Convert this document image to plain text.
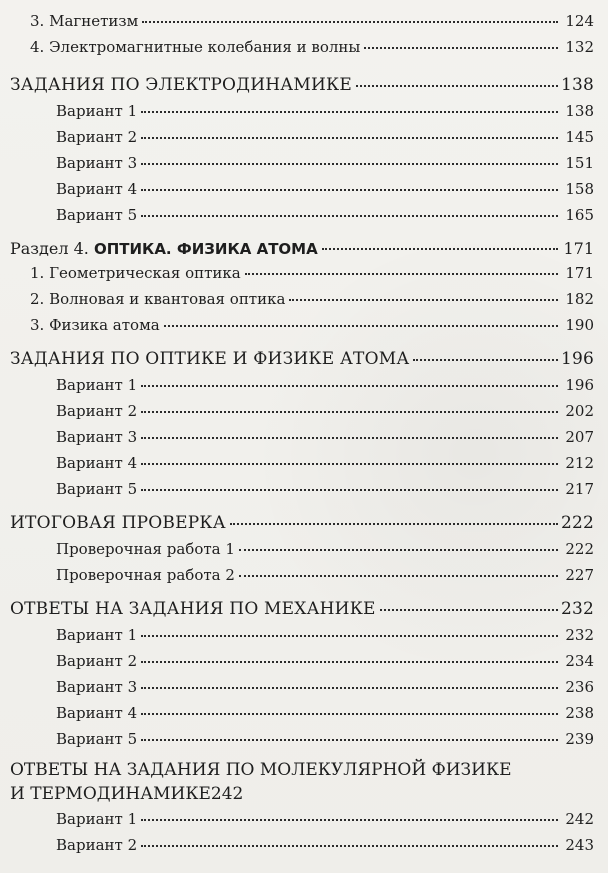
3. Магнетизм	124
4. Электромагнитные колебания и волны	132
ЗАДАНИЯ ПО ЭЛЕКТРОДИНАМИКЕ	138
Вариант 1	138
Вариант 2	145
Вариант 3	151
Вариант 4	158
Вариант 5	165
Раздел 4. ОПТИКА. ФИЗИКА АТОМА	171
1. Геометрическая оптика	171
2. Волновая и квантовая оптика	182
3. Физика атома	190
ЗАДАНИЯ ПО ОПТИКЕ И ФИЗИКЕ АТОМА	196
Вариант 1	196
Вариант 2	202
Вариант 3	207
Вариант 4	212
Вариант 5	217
ИТОГОВАЯ ПРОВЕРКА	222
Проверочная работа 1	222
Проверочная работа 2	227
ОТВЕТЫ НА ЗАДАНИЯ ПО МЕХАНИКЕ	232
Вариант 1	232
Вариант 2	234
Вариант 3	236
Вариант 4	238
Вариант 5	239
ОТВЕТЫ НА ЗАДАНИЯ ПО МОЛЕКУЛЯРНОЙ ФИЗИКЕ
И ТЕРМОДИНАМИКЕ 242
Вариант 1	242
Вариант 2	243
